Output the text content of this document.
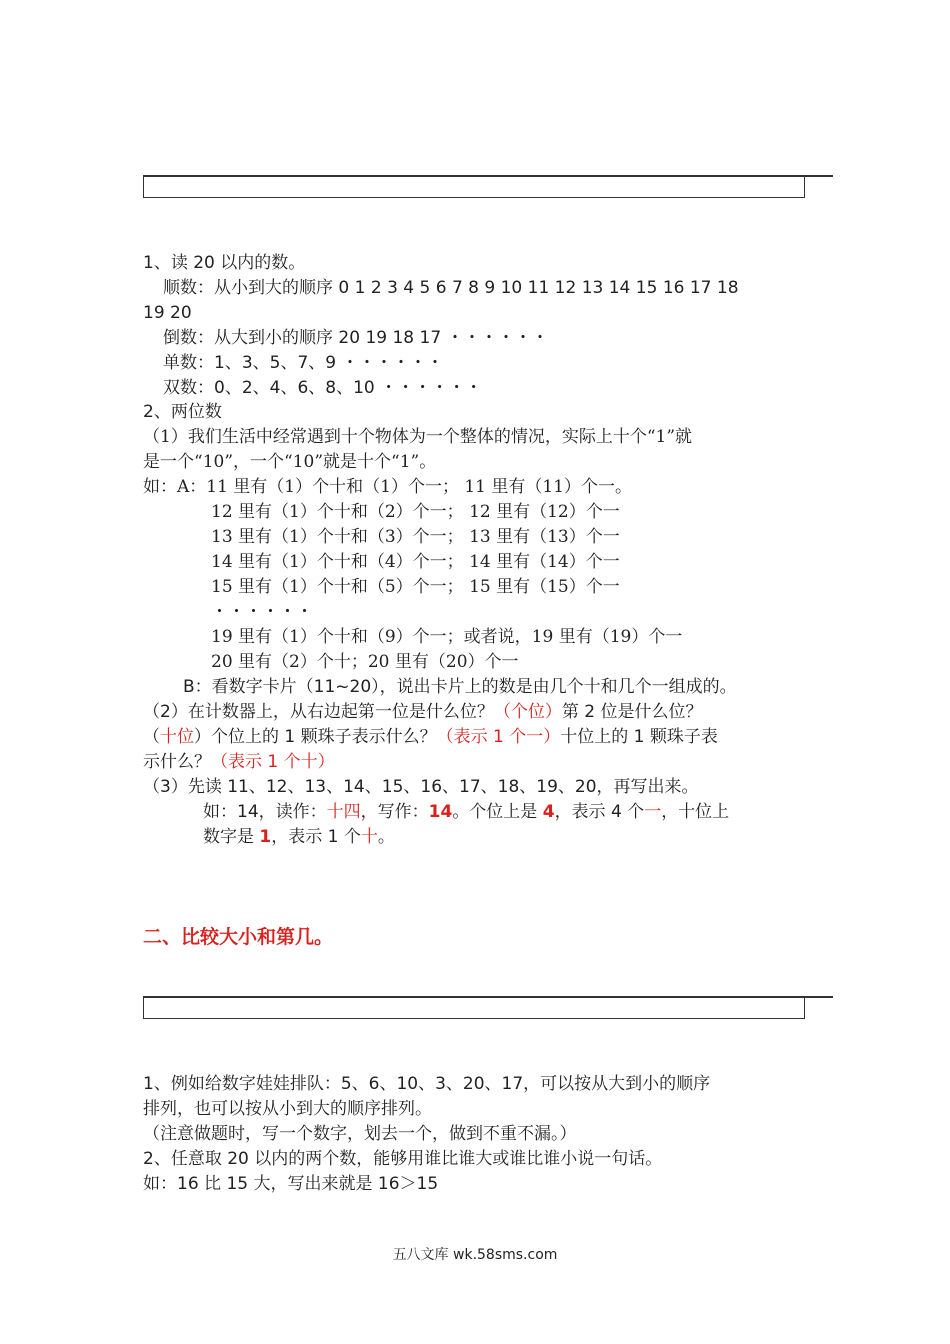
1、读 20 以内的数。
顺数：从小到大的顺序 0 1 2 3 4 5 6 7 8 9 10 11 12 13 14 15 16 17 18
19 20
倒数：从大到小的顺序 20 19 18 17 ・・・・・・
单数：1、3、5、7、9 ・・・・・・
双数：0、2、4、6、8、10 ・・・・・・
2、两位数
（1）我们生活中经常遇到十个物体为一个整体的情况，实际上十个“1”就
是一个“10”，一个“10”就是十个“1”。
如：A：11 里有（1）个十和（1）个一； 11 里有（11）个一。
12 里有（1）个十和（2）个一； 12 里有（12）个一
13 里有（1）个十和（3）个一； 13 里有（13）个一
14 里有（1）个十和（4）个一； 14 里有（14）个一
15 里有（1）个十和（5）个一； 15 里有（15）个一
・・・・・・
19 里有（1）个十和（9）个一；或者说，19 里有（19）个一
20 里有（2）个十；20 里有（20）个一
B：看数字卡片（11~20），说出卡片上的数是由几个十和几个一组成的。
（2）在计数器上，从右边起第一位是什么位？（个位）第 2 位是什么位？
（十位）个位上的 1 颗珠子表示什么？（表示 1 个一）十位上的 1 颗珠子表
示什么？（表示 1 个十）
（3）先读 11、12、13、14、15、16、17、18、19、20，再写出来。
如：14，读作：十四，写作：14。个位上是 4，表示 4 个一，十位上
数字是 1，表示 1 个十。
二、比较大小和第几。
1、例如给数字娃娃排队：5、6、10、3、20、17，可以按从大到小的顺序
排列，也可以按从小到大的顺序排列。
（注意做题时，写一个数字，划去一个，做到不重不漏。）
2、任意取 20 以内的两个数，能够用谁比谁大或谁比谁小说一句话。
如：16 比 15 大，写出来就是 16＞15
五八文库 wk.58sms.com
